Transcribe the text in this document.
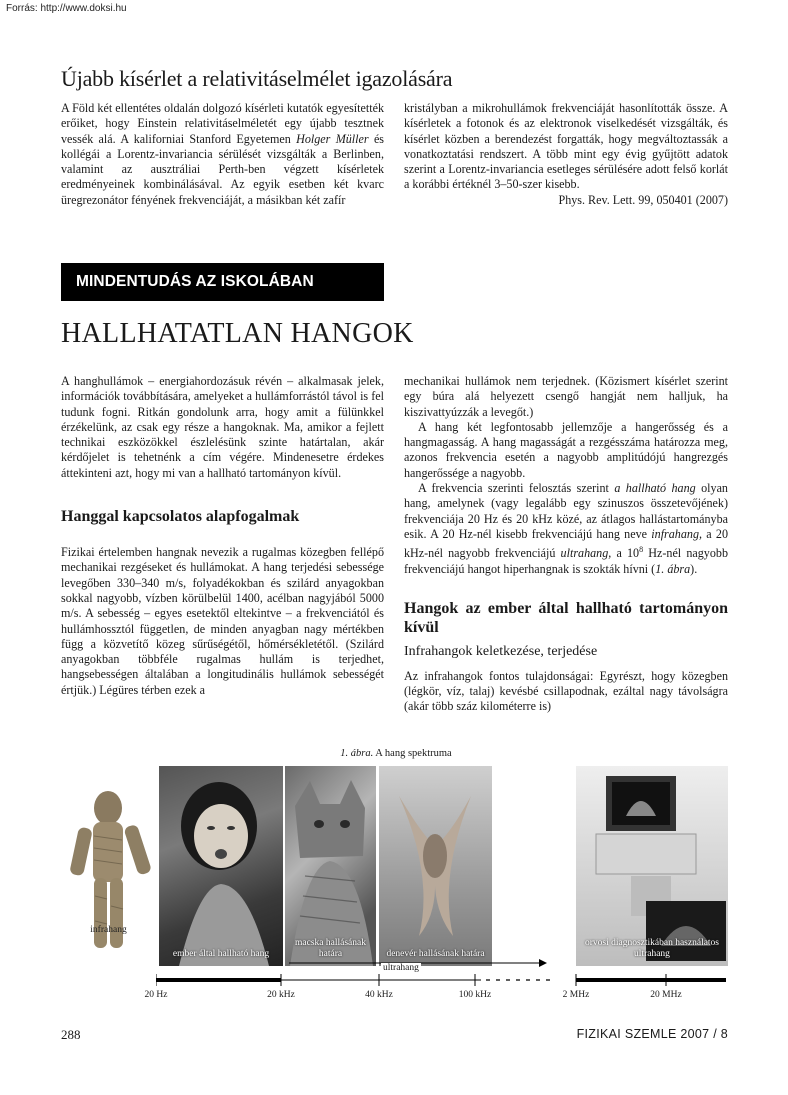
Forrás: http://www.doksi.hu
Újabb kísérlet a relativitáselmélet igazolására

A Föld két ellentétes oldalán dolgozó kísérleti kutatók egyesítették erőiket, hogy Einstein relativitáselméletét egy újabb tesztnek vessék alá. A kaliforniai Stanford Egyetemen Holger Müller és kollégái a Lorentz-invariancia sérülését vizsgálták a Berlinben, valamint az ausztráliai Perth-ben végzett kísérletek eredményeinek kombinálásával. Az egyik esetben két kvarc üregrezonátor fényének frekvenciáját, a másikban két zafír

kristályban a mikrohullámok frekvenciáját hasonlították össze. A kísérletek a fotonok és az elektronok viselkedését vizsgálták, és kísérlet közben a berendezést forgatták, hogy megváltoztassák a vonatkoztatási rendszert. A több mint egy évig gyűjtött adatok szerint a Lorentz-invariancia esetleges sérülésére adott felső korlát a korábbi értéknél 3–50-szer kisebb.

Phys. Rev. Lett. 99, 050401 (2007)

MINDENTUDÁS AZ ISKOLÁBAN
HALLHATATLAN HANGOK

A hanghullámok – energiahordozásuk révén – alkalmasak jelek, információk továbbítására, amelyeket a hullámforrástól távol is fel tudunk fogni. Ritkán gondolunk arra, hogy amit a fülünkkel érzékelünk, az csak egy része a hangoknak. Ma, amikor a fejlett technikai eszközökkel észlelésünk szinte határtalan, akár kérdőjelet is tehetnénk a cím végére. Mindenesetre érdekes áttekinteni azt, hogy mi van a hallható tartományon kívül.

Hanggal kapcsolatos alapfogalmak

Fizikai értelemben hangnak nevezik a rugalmas közegben fellépő mechanikai rezgéseket és hullámokat. A hang terjedési sebessége levegőben 330–340 m/s, folyadékokban és szilárd anyagokban sokkal nagyobb, vízben körülbelül 1400, acélban nagyjából 5000 m/s. A sebesség – egyes esetektől eltekintve – a frekvenciától és hullámhossztól független, de minden anyagban nagy mértékben függ a közvetítő közeg sűrűségétől, hőmérsékletétől. (Szilárd anyagokban többféle rugalmas hullám is terjedhet, hangsebességen általában a longitudinális hullámok sebességét értjük.) Légüres térben ezek a

mechanikai hullámok nem terjednek. (Közismert kísérlet szerint egy búra alá helyezett csengő hangját nem halljuk, ha kiszivattyúzzák a levegőt.)

A hang két legfontosabb jellemzője a hangerősség és a hangmagasság. A hang magasságát a rezgésszáma határozza meg, azonos frekvencia esetén a nagyobb amplitúdójú hangrezgés hangerőssége a nagyobb.

A frekvencia szerinti felosztás szerint a hallható hang olyan hang, amelynek (vagy legalább egy szinuszos összetevőjének) frekvenciája 20 Hz és 20 kHz közé, az átlagos hallástartományba esik. A 20 Hz-nél kisebb frekvenciájú hang neve infrahang, a 20 kHz-nél nagyobb frekvenciájú ultrahang, a $10^8$ Hz-nél nagyobb frekvenciájú hangot hiperhangnak is szokták hívni (1. ábra).

Hangok az ember által hallható tartományon kívül
Infrahangok keletkezése, terjedése

Az infrahangok fontos tulajdonságai: Egyrészt, hogy közegben (légkör, víz, talaj) kevésbé csillapodnak, ezáltal nagy távolságra (akár több száz kilométerre is)

1. ábra. A hang spektruma
infrahang
ember által hallható hang
macska hallásának határa	denevér hallásának határa
orvosi diagnosztikában használatos ultrahang
ultrahang
20 Hz	20 kHz	40 kHz	100 kHz	2 MHz	20 MHz
288	FIZIKAI SZEMLE 2007 / 8
